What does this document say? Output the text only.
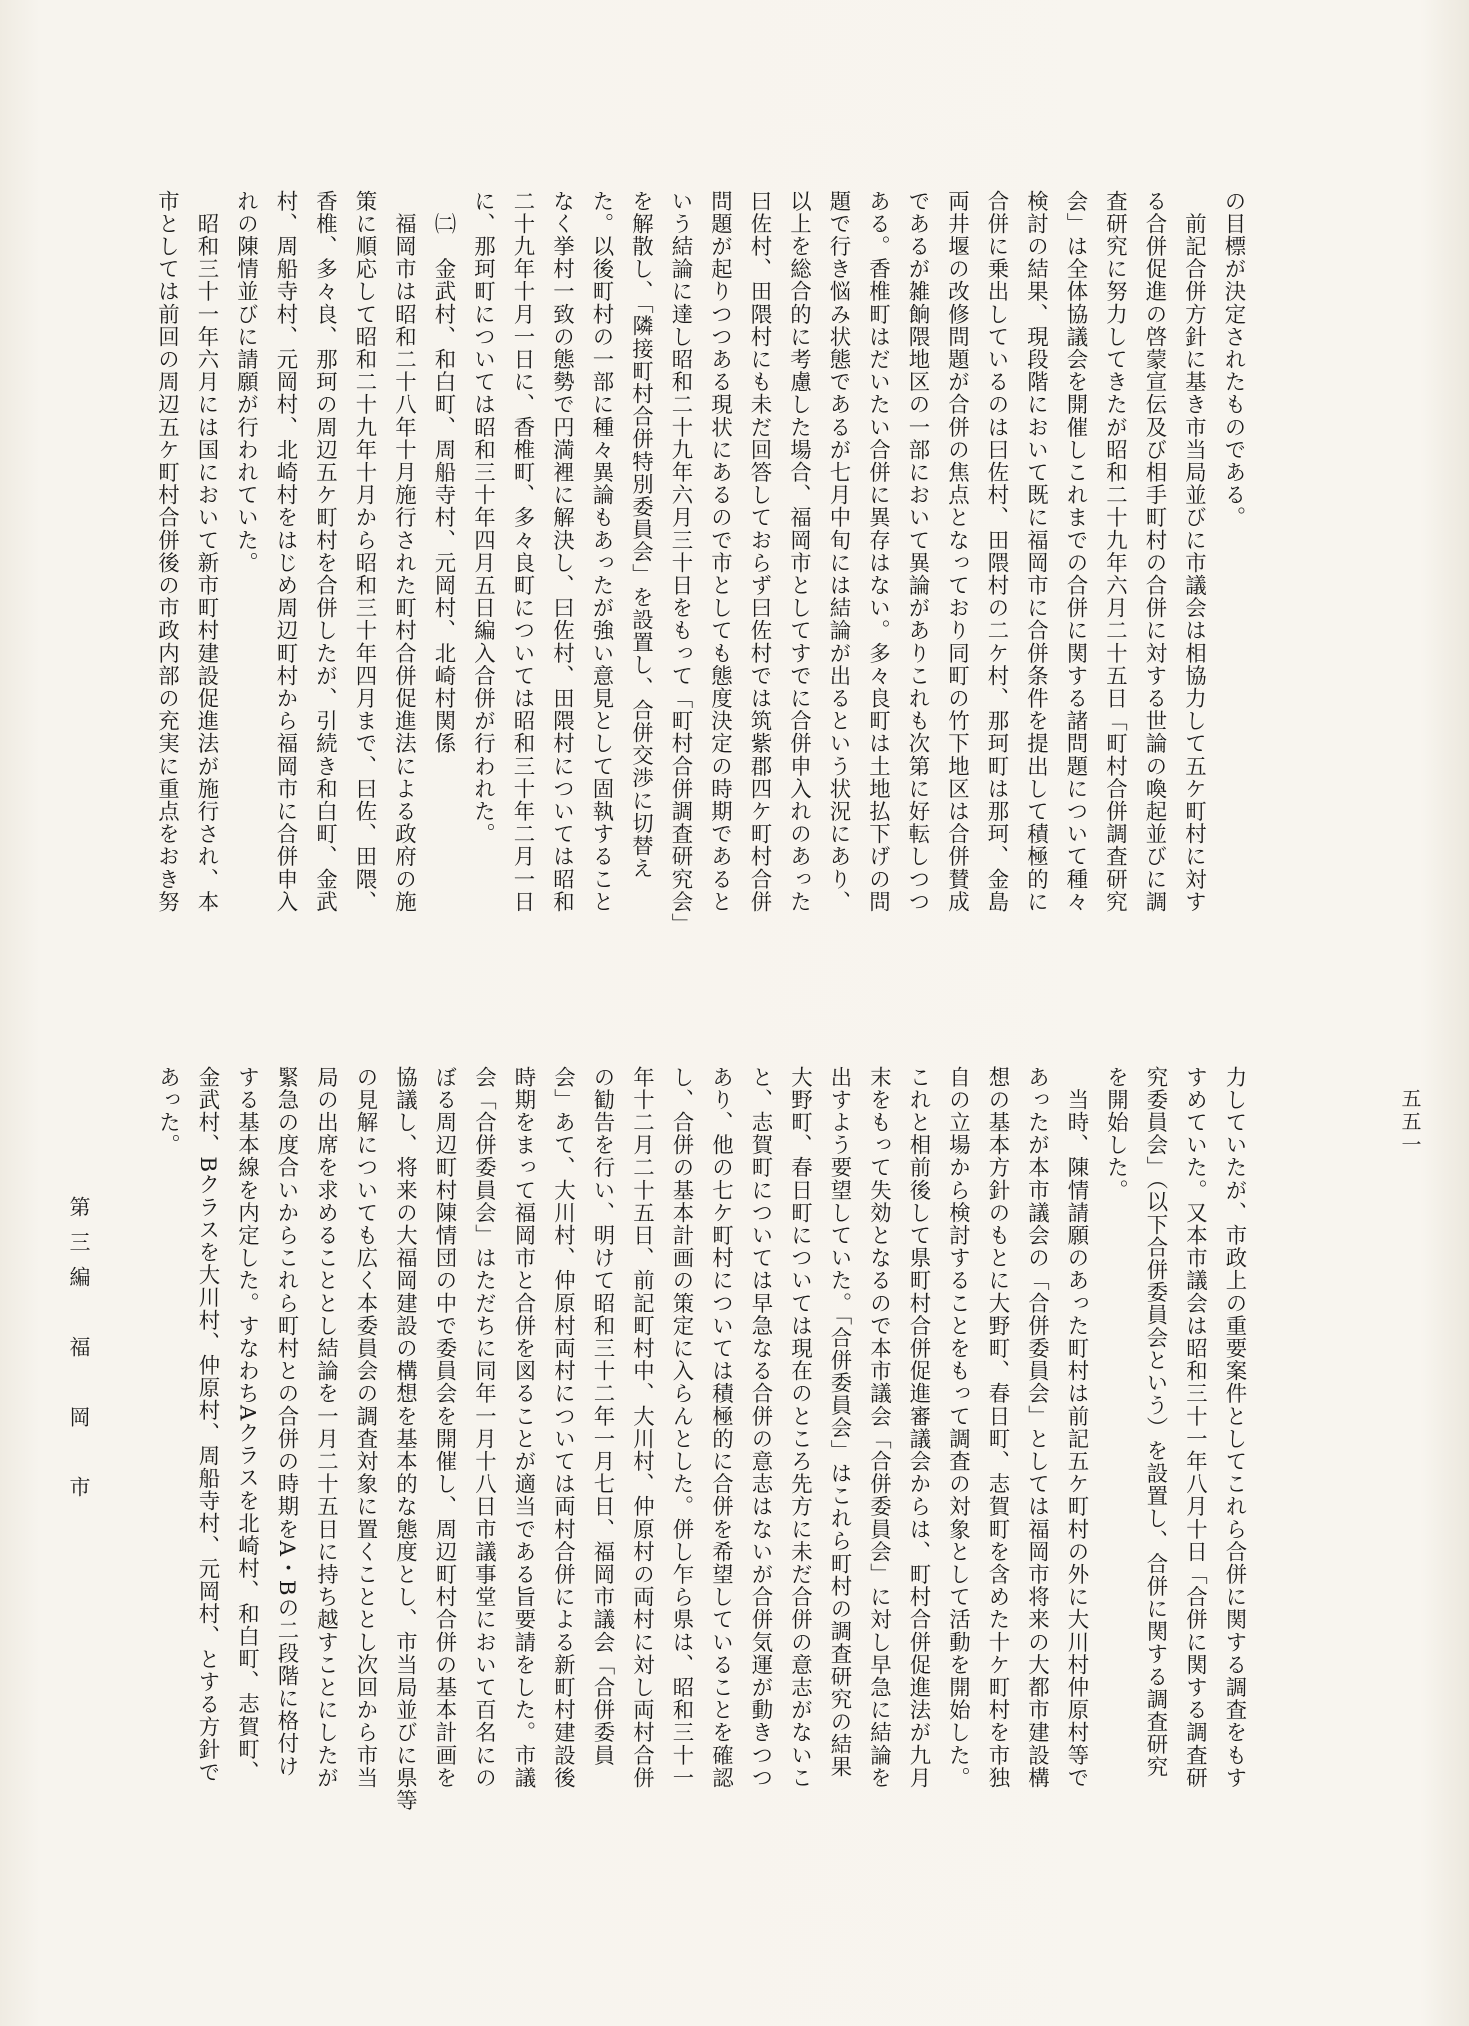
の目標が決定されたものである。
　前記合併方針に基き市当局並びに市議会は相協力して五ケ町村に対す
る合併促進の啓蒙宣伝及び相手町村の合併に対する世論の喚起並びに調
査研究に努力してきたが昭和二十九年六月二十五日「町村合併調査研究
会」は全体協議会を開催しこれまでの合併に関する諸問題について種々
検討の結果、現段階において既に福岡市に合併条件を提出して積極的に
合併に乗出しているのは曰佐村、田隈村の二ケ村、那珂町は那珂、金島
両井堰の改修問題が合併の焦点となっており同町の竹下地区は合併賛成
であるが雑餉隈地区の一部において異論がありこれも次第に好転しつつ
ある。香椎町はだいたい合併に異存はない。多々良町は土地払下げの問
題で行き悩み状態であるが七月中旬には結論が出るという状況にあり、
以上を総合的に考慮した場合、福岡市としてすでに合併申入れのあった
曰佐村、田隈村にも未だ回答しておらず曰佐村では筑紫郡四ケ町村合併
問題が起りつつある現状にあるので市としても態度決定の時期であると
いう結論に達し昭和二十九年六月三十日をもって「町村合併調査研究会」
を解散し、「隣接町村合併特別委員会」を設置し、合併交渉に切替え
た。以後町村の一部に種々異論もあったが強い意見として固執すること
なく挙村一致の態勢で円満裡に解決し、曰佐村、田隈村については昭和
二十九年十月一日に、香椎町、多々良町については昭和三十年二月一日
に、那珂町については昭和三十年四月五日編入合併が行われた。
　㈡　金武村、和白町、周船寺村、元岡村、北崎村関係
　福岡市は昭和二十八年十月施行された町村合併促進法による政府の施
策に順応して昭和二十九年十月から昭和三十年四月まで、曰佐、田隈、
香椎、多々良、那珂の周辺五ケ町村を合併したが、引続き和白町、金武
村、周船寺村、元岡村、北崎村をはじめ周辺町村から福岡市に合併申入
れの陳情並びに請願が行われていた。
　昭和三十一年六月には国において新市町村建設促進法が施行され、本
市としては前回の周辺五ケ町村合併後の市政内部の充実に重点をおき努
力していたが、市政上の重要案件としてこれら合併に関する調査をもす
すめていた。又本市議会は昭和三十一年八月十日「合併に関する調査研
究委員会」（以下合併委員会という）を設置し、合併に関する調査研究
を開始した。
　当時、陳情請願のあった町村は前記五ケ町村の外に大川村仲原村等で
あったが本市議会の「合併委員会」としては福岡市将来の大都市建設構
想の基本方針のもとに大野町、春日町、志賀町を含めた十ケ町村を市独
自の立場から検討することをもって調査の対象として活動を開始した。
これと相前後して県町村合併促進審議会からは、町村合併促進法が九月
末をもって失効となるので本市議会「合併委員会」に対し早急に結論を
出すよう要望していた。「合併委員会」はこれら町村の調査研究の結果
大野町、春日町については現在のところ先方に未だ合併の意志がないこ
と、志賀町については早急なる合併の意志はないが合併気運が動きつつ
あり、他の七ケ町村については積極的に合併を希望していることを確認
し、合併の基本計画の策定に入らんとした。併し乍ら県は、昭和三十一
年十二月二十五日、前記町村中、大川村、仲原村の両村に対し両村合併
の勧告を行い、明けて昭和三十二年一月七日、福岡市議会「合併委員
会」あて、大川村、仲原村両村については両村合併による新町村建設後
時期をまって福岡市と合併を図ることが適当である旨要請をした。市議
会「合併委員会」はただちに同年一月十八日市議事堂において百名にの
ぼる周辺町村陳情団の中で委員会を開催し、周辺町村合併の基本計画を
協議し、将来の大福岡建設の構想を基本的な態度とし、市当局並びに県等
の見解についても広く本委員会の調査対象に置くこととし次回から市当
局の出席を求めることとし結論を一月二十五日に持ち越すことにしたが
緊急の度合いからこれら町村との合併の時期をA・Bの二段階に格付け
する基本線を内定した。すなわちAクラスを北崎村、和白町、志賀町、
金武村、Bクラスを大川村、仲原村、周船寺村、元岡村、とする方針で
あった。
第三編　福　岡　市
五五一
